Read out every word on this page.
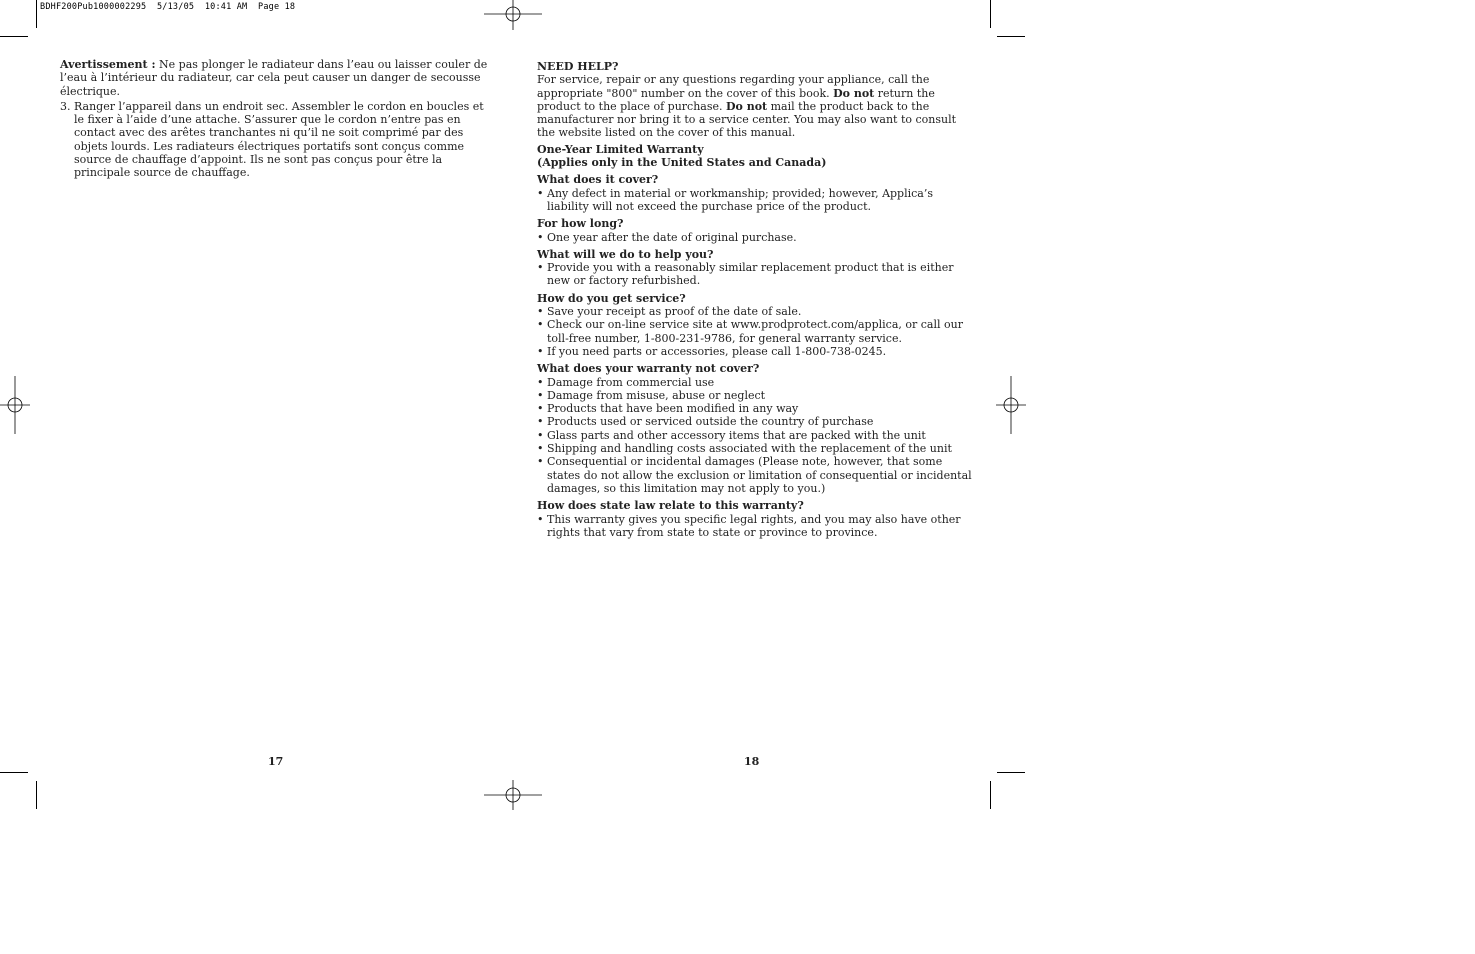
BDHF200Pub1000002295  5/13/05  10:41 AM  Page 18

Avertissement : Ne pas plonger le radiateur dans l’eau ou laisser couler de l’eau à l’intérieur du radiateur, car cela peut causer un danger de secousse électrique.

3. Ranger l’appareil dans un endroit sec. Assembler le cordon en boucles et le fixer à l’aide d’une attache. S’assurer que le cordon n’entre pas en contact avec des arêtes tranchantes ni qu’il ne soit comprimé par des objets lourds. Les radiateurs électriques portatifs sont conçus comme source de chauffage d’appoint. Ils ne sont pas conçus pour être la principale source de chauffage.
17
NEED HELP?

For service, repair or any questions regarding your appliance, call the appropriate "800" number on the cover of this book. Do not return the product to the place of purchase. Do not mail the product back to the manufacturer nor bring it to a service center. You may also want to consult the website listed on the cover of this manual.

One-Year Limited Warranty
(Applies only in the United States and Canada)
What does it cover?
• Any defect in material or workmanship; provided; however, Applica’s liability will not exceed the purchase price of the product.
For how long?
• One year after the date of original purchase.
What will we do to help you?
• Provide you with a reasonably similar replacement product that is either new or factory refurbished.
How do you get service?
• Save your receipt as proof of the date of sale.
• Check our on-line service site at www.prodprotect.com/applica, or call our toll-free number, 1-800-231-9786, for general warranty service.
• If you need parts or accessories, please call 1-800-738-0245.
What does your warranty not cover?
• Damage from commercial use
• Damage from misuse, abuse or neglect
• Products that have been modified in any way
• Products used or serviced outside the country of purchase
• Glass parts and other accessory items that are packed with the unit
• Shipping and handling costs associated with the replacement of the unit
• Consequential or incidental damages (Please note, however, that some states do not allow the exclusion or limitation of consequential or incidental damages, so this limitation may not apply to you.)
How does state law relate to this warranty?
• This warranty gives you specific legal rights, and you may also have other rights that vary from state to state or province to province.
18
